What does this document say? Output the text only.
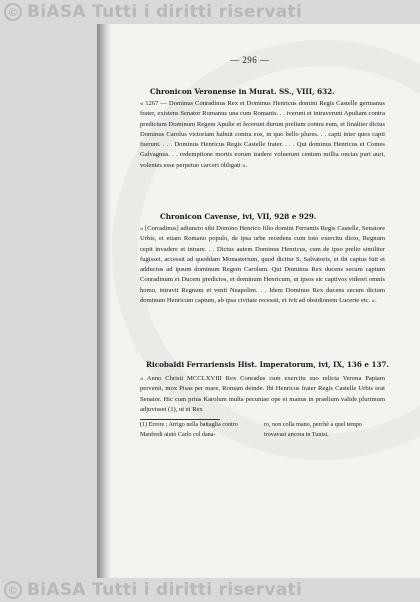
© BiASA Tutti i diritti riservati
— 296 —
Chronicon Veronense in Murat. SS., VIII, 632.
« 1267 — Dominus Conradinus Rex et Dominus Henricus domini Regis Castelle germanus frater, existens Senator Romanus una cum Romanis. . . iverunt et intraverunt Apuliam contra predictum Dominum Regem Apulie et fecerunt durum prelium contra eum, et finaliter dictus Dominus Carolus victoriam habuit contra eos, in quo bello plures. . . capti inter quos capti fuerunt. . . . Dominus Henricus Regis Castelle frater. . . . Qui dominus Henricus et Comes Galvagnus. . . redemptione mortis eorum tradere voluerunt centum millia oncias puri auri, volentes esse perpetuo carceri obligati ».
Chronicon Cavense, ivi, VII, 928 e 929.
« [Corradinus] adiuncto sibi Domino Henrico filio domini Ferrantis Regis Castelle, Senatore Urbis, et etiam Romano populo, de ipsa urbe recedens cum toto exercitu dicto, Regnum cepit invadere et intrare. . . Dictus autem Dominus Henricus, cum de ipso prelio similiter fugisset, accessit ad quoddam Monasterium, quod dicitur S. Salvatoris, et ibi captus fuit et adductus ad ipsum dominum Regem Carolum. Qui Dominus Rex ducens secum captum Conradinum et Ducem predictos, et dominum Henricum, ut ipsos sic captivos videret omnis homo, intravit Regnum et venit Neapolim. . . Idem Dominus Rex ducens secum dictum dominum Henricum captum, ab ipsa civitate recessit, et ivit ad obsidionem Lucerie etc. ».
Ricobaldi Ferrariensis Hist. Imperatorum, ivi, IX, 136 e 137.
« Anno Christi MCCLXVIII Rex Conradus cum exercitu suo relicta Verona Papiam pervenit, mox Pisas per mare, Romam deinde. Ibi Henricus frater Regis Castelle Urbis erat Senator. Hic cum prius Karolum multa pecuniae ope et manus in praelium valide plurimum adjuvisset (1), ut ei Rex
(1) Errore ; Arrigo nella battaglia contro Manfredi aiutò Carlo col dana-
ro, non colla mano, perchè a quel tempo trovavasi ancora in Tunisi.
© BiASA Tutti i diritti riservati
